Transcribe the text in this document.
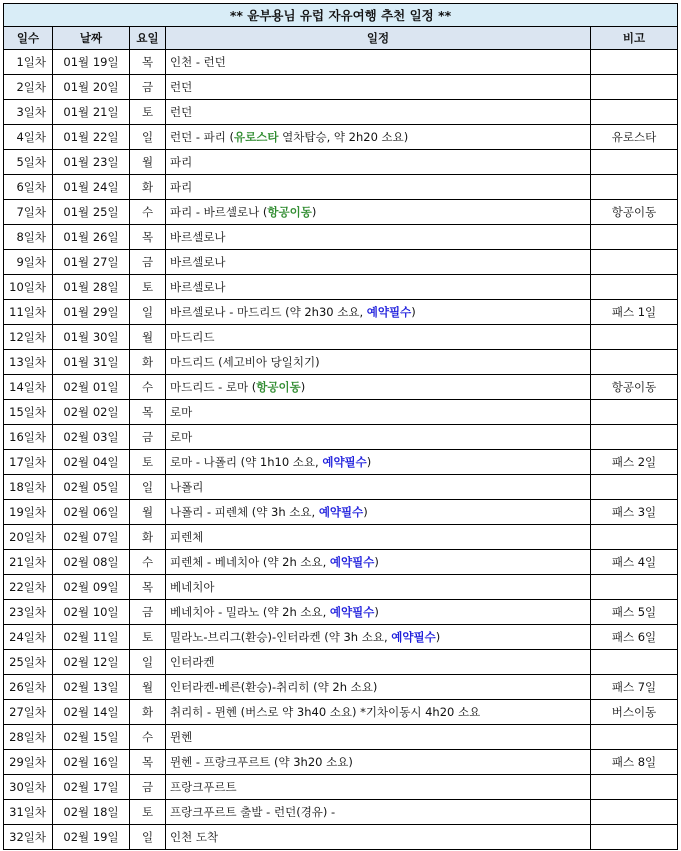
** 윤부용님 유럽 자유여행 추천 일정 **				
일수	날짜	요일	일정	비고
1일차	01월 19일	목	인천 - 런던	
2일차	01월 20일	금	런던	
3일차	01월 21일	토	런던	
4일차	01월 22일	일	런던 - 파리 (유로스타 열차탑승, 약 2h20 소요)	유로스타
5일차	01월 23일	월	파리	
6일차	01월 24일	화	파리	
7일차	01월 25일	수	파리 - 바르셀로나 (항공이동)	항공이동
8일차	01월 26일	목	바르셀로나	
9일차	01월 27일	금	바르셀로나	
10일차	01월 28일	토	바르셀로나	
11일차	01월 29일	일	바르셀로나 - 마드리드 (약 2h30 소요, 예약필수)	패스 1일
12일차	01월 30일	월	마드리드	
13일차	01월 31일	화	마드리드 (세고비아 당일치기)	
14일차	02월 01일	수	마드리드 - 로마 (항공이동)	항공이동
15일차	02월 02일	목	로마	
16일차	02월 03일	금	로마	
17일차	02월 04일	토	로마 - 나폴리 (약 1h10 소요, 예약필수)	패스 2일
18일차	02월 05일	일	나폴리	
19일차	02월 06일	월	나폴리 - 피렌체 (약 3h 소요, 예약필수)	패스 3일
20일차	02월 07일	화	피렌체	
21일차	02월 08일	수	피렌체 - 베네치아 (약 2h 소요, 예약필수)	패스 4일
22일차	02월 09일	목	베네치아	
23일차	02월 10일	금	베네치아 - 밀라노 (약 2h 소요, 예약필수)	패스 5일
24일차	02월 11일	토	밀라노-브리그(환승)-인터라켄 (약 3h 소요, 예약필수)	패스 6일
25일차	02월 12일	일	인터라켄	
26일차	02월 13일	월	인터라켄-베른(환승)-취리히 (약 2h 소요)	패스 7일
27일차	02월 14일	화	취리히 - 뮌헨 (버스로 약 3h40 소요) *기차이동시 4h20 소요	버스이동
28일차	02월 15일	수	뮌헨	
29일차	02월 16일	목	뮌헨 - 프랑크푸르트 (약 3h20 소요)	패스 8일
30일차	02월 17일	금	프랑크푸르트	
31일차	02월 18일	토	프랑크푸르트 출발 - 런던(경유) -	
32일차	02월 19일	일	인천 도착	
